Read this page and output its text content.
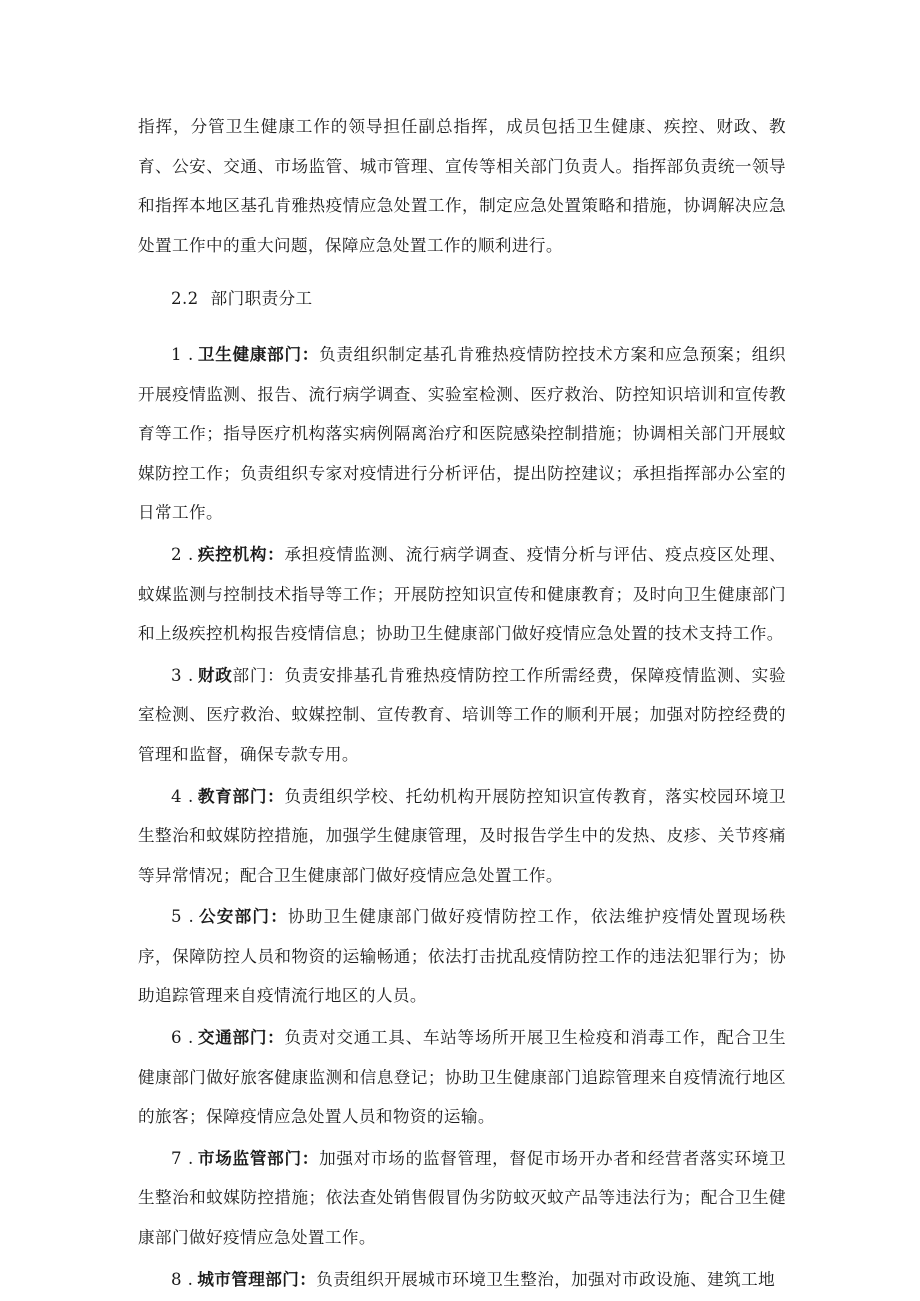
指挥，分管卫生健康工作的领导担任副总指挥，成员包括卫生健康、疾控、财政、教育、公安、交通、市场监管、城市管理、宣传等相关部门负责人。指挥部负责统一领导和指挥本地区基孔肯雅热疫情应急处置工作，制定应急处置策略和措施，协调解决应急处置工作中的重大问题，保障应急处置工作的顺利进行。

2.2 部门职责分工

1 . 卫生健康部门：负责组织制定基孔肯雅热疫情防控技术方案和应急预案；组织开展疫情监测、报告、流行病学调查、实验室检测、医疗救治、防控知识培训和宣传教育等工作；指导医疗机构落实病例隔离治疗和医院感染控制措施；协调相关部门开展蚊媒防控工作；负责组织专家对疫情进行分析评估，提出防控建议；承担指挥部办公室的日常工作。

2 . 疾控机构：承担疫情监测、流行病学调查、疫情分析与评估、疫点疫区处理、蚊媒监测与控制技术指导等工作；开展防控知识宣传和健康教育；及时向卫生健康部门和上级疾控机构报告疫情信息；协助卫生健康部门做好疫情应急处置的技术支持工作。

3 . 财政部门：负责安排基孔肯雅热疫情防控工作所需经费，保障疫情监测、实验室检测、医疗救治、蚊媒控制、宣传教育、培训等工作的顺利开展；加强对防控经费的管理和监督，确保专款专用。

4 . 教育部门：负责组织学校、托幼机构开展防控知识宣传教育，落实校园环境卫生整治和蚊媒防控措施，加强学生健康管理，及时报告学生中的发热、皮疹、关节疼痛等异常情况；配合卫生健康部门做好疫情应急处置工作。

5 . 公安部门：协助卫生健康部门做好疫情防控工作，依法维护疫情处置现场秩序，保障防控人员和物资的运输畅通；依法打击扰乱疫情防控工作的违法犯罪行为；协助追踪管理来自疫情流行地区的人员。

6 . 交通部门：负责对交通工具、车站等场所开展卫生检疫和消毒工作，配合卫生健康部门做好旅客健康监测和信息登记；协助卫生健康部门追踪管理来自疫情流行地区的旅客；保障疫情应急处置人员和物资的运输。

7 . 市场监管部门：加强对市场的监督管理，督促市场开办者和经营者落实环境卫生整治和蚊媒防控措施；依法查处销售假冒伪劣防蚊灭蚊产品等违法行为；配合卫生健康部门做好疫情应急处置工作。

8 . 城市管理部门：负责组织开展城市环境卫生整治，加强对市政设施、建筑工地
